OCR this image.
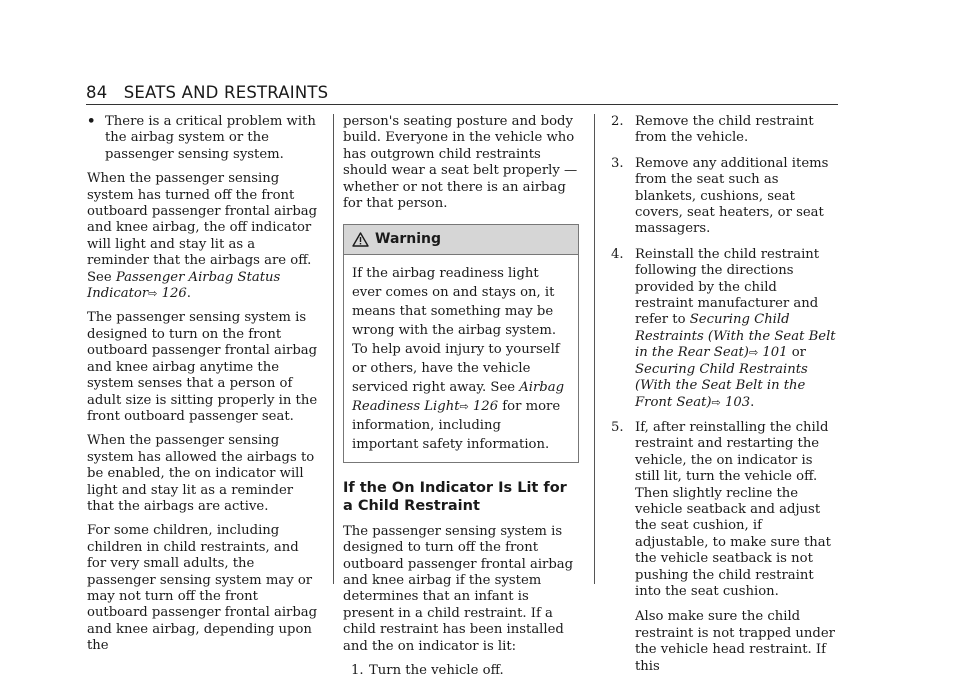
84 SEATS AND RESTRAINTS
• There is a critical problem with the airbag system or the passenger sensing system.

When the passenger sensing system has turned off the front outboard passenger frontal airbag and knee airbag, the off indicator will light and stay lit as a reminder that the airbags are off. See Passenger Airbag Status Indicator⇨ 126.

The passenger sensing system is designed to turn on the front outboard passenger frontal airbag and knee airbag anytime the system senses that a person of adult size is sitting properly in the front outboard passenger seat.

When the passenger sensing system has allowed the airbags to be enabled, the on indicator will light and stay lit as a reminder that the airbags are active.

For some children, including children in child restraints, and for very small adults, the passenger sensing system may or may not turn off the front outboard passenger frontal airbag and knee airbag, depending upon the

person's seating posture and body build. Everyone in the vehicle who has outgrown child restraints should wear a seat belt properly — whether or not there is an airbag for that person.

Warning
If the airbag readiness light ever comes on and stays on, it means that something may be wrong with the airbag system. To help avoid injury to yourself or others, have the vehicle serviced right away. See Airbag Readiness Light⇨ 126 for more information, including important safety information.
If the On Indicator Is Lit for a Child Restraint

The passenger sensing system is designed to turn off the front outboard passenger frontal airbag and knee airbag if the system determines that an infant is present in a child restraint. If a child restraint has been installed and the on indicator is lit:

1. Turn the vehicle off.
2. Remove the child restraint from the vehicle.
3. Remove any additional items from the seat such as blankets, cushions, seat covers, seat heaters, or seat massagers.
4. Reinstall the child restraint following the directions provided by the child restraint manufacturer and refer to Securing Child Restraints (With the Seat Belt in the Rear Seat)⇨ 101 or Securing Child Restraints (With the Seat Belt in the Front Seat)⇨ 103.
5. If, after reinstalling the child restraint and restarting the vehicle, the on indicator is still lit, turn the vehicle off. Then slightly recline the vehicle seatback and adjust the seat cushion, if adjustable, to make sure that the vehicle seatback is not pushing the child restraint into the seat cushion.
Also make sure the child restraint is not trapped under the vehicle head restraint. If this
